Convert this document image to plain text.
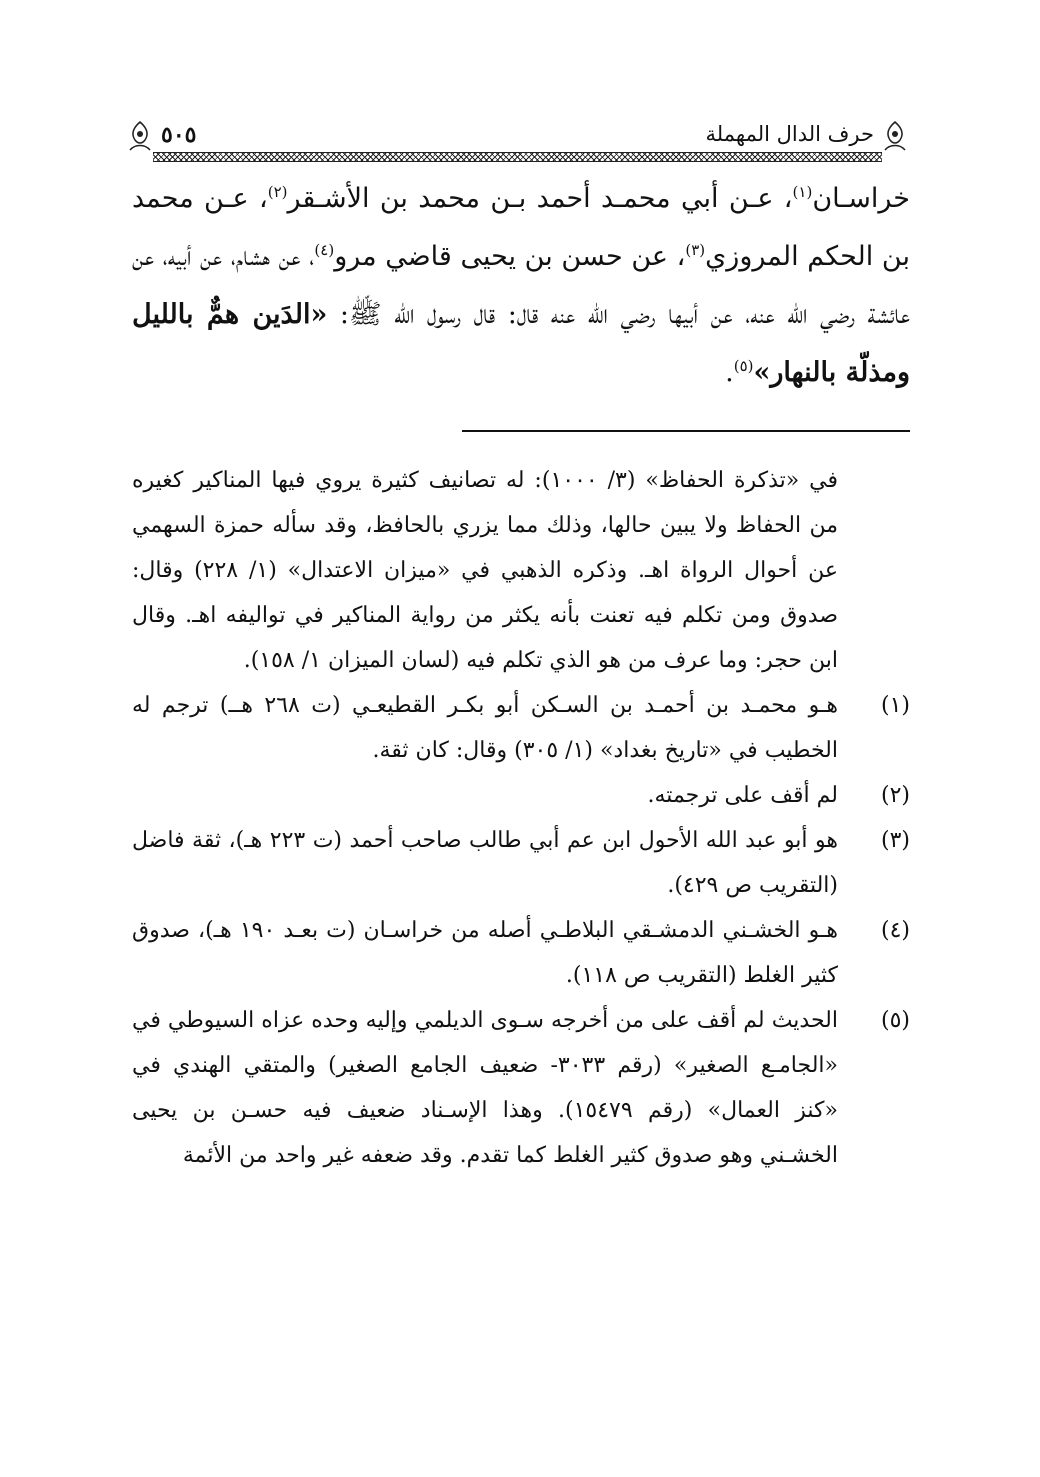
حرف الدال المهملة
٥٠٥

خراسـان$^{(١)}$، عـن أبي محمـد أحمد بـن محمد بن الأشـقر$^{(٢)}$، عـن محمد بن الحكم المروزي$^{(٣)}$، عن حسن بن يحيى قاضي مرو$^{(٤)}$، عن هشام، عن أبيه، عن عائشة رضي الله عنه، عن أبيها رضي الله عنه قال: قال رسول الله ﷺ: «الدَين همٌّ بالليل ومذلّة بالنهار»$^{(٥)}$.

في «تذكرة الحفاظ» (٣/ ١٠٠٠): له تصانيف كثيرة يروي فيها المناكير كغيره من الحفاظ ولا يبين حالها، وذلك مما يزري بالحافظ، وقد سأله حمزة السهمي عن أحوال الرواة اهـ. وذكره الذهبي في «ميزان الاعتدال» (١/ ٢٢٨) وقال: صدوق ومن تكلم فيه تعنت بأنه يكثر من رواية المناكير في تواليفه اهـ. وقال ابن حجر: وما عرف من هو الذي تكلم فيه (لسان الميزان ١/ ١٥٨).

(١)
هـو محمـد بن أحمـد بن السـكن أبو بكـر القطيعـي (ت ٢٦٨ هــ) ترجم له الخطيب في «تاريخ بغداد» (١/ ٣٠٥) وقال: كان ثقة.

(٢)
لم أقف على ترجمته.

(٣)
هو أبو عبد الله الأحول ابن عم أبي طالب صاحب أحمد (ت ٢٢٣ هـ)، ثقة فاضل (التقريب ص ٤٢٩).

(٤)
هـو الخشـني الدمشـقي البلاطـي أصله من خراسـان (ت بعـد ١٩٠ هـ)، صدوق كثير الغلط (التقريب ص ١١٨).

(٥)
الحديث لم أقف على من أخرجه سـوى الديلمي وإليه وحده عزاه السيوطي في «الجامـع الصغير» (رقم ٣٠٣٣- ضعيف الجامع الصغير) والمتقي الهندي في «كنز العمال» (رقم ١٥٤٧٩). وهذا الإسـناد ضعيف فيه حسـن بن يحيى الخشـني وهو صدوق كثير الغلط كما تقدم. وقد ضعفه غير واحد من الأئمة
